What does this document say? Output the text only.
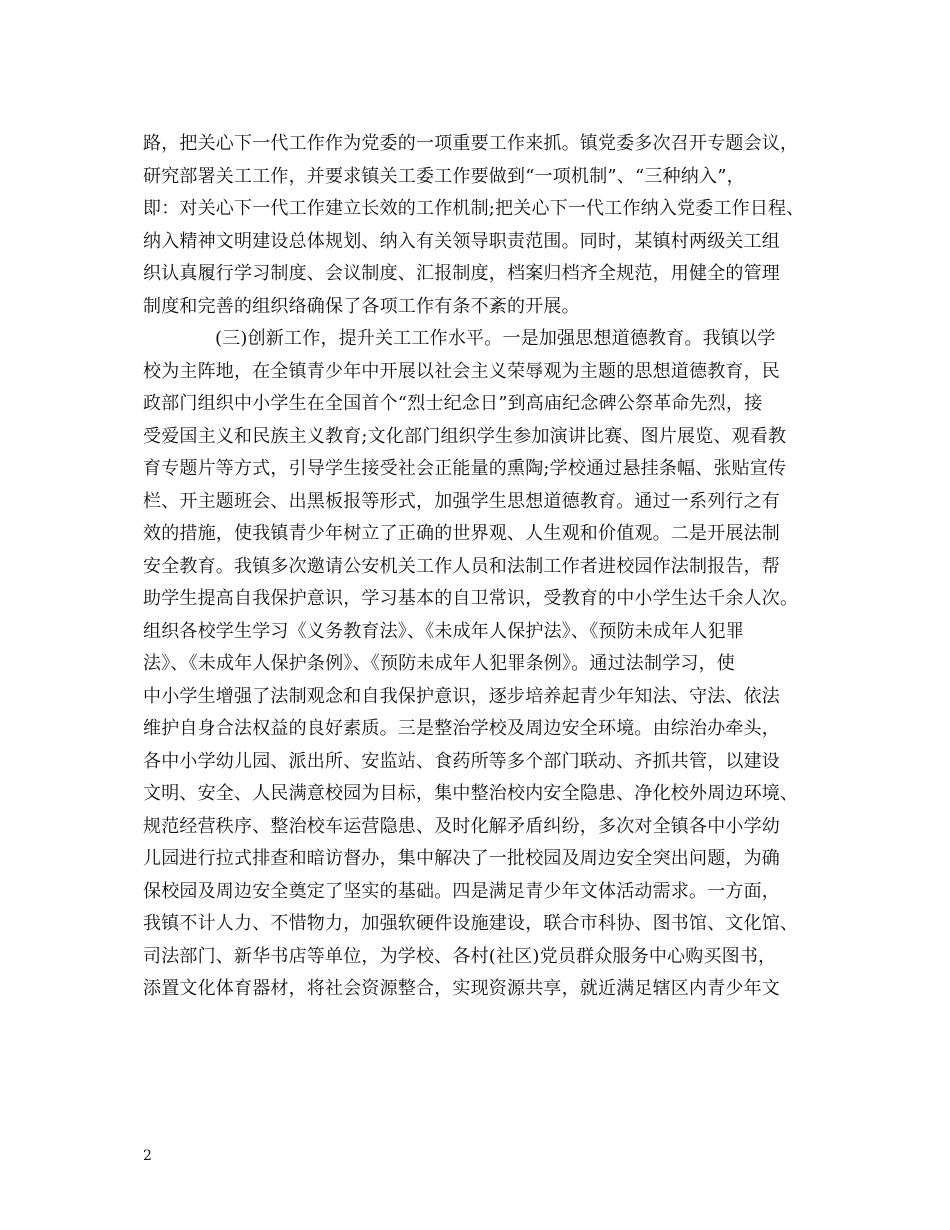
路，把关心下一代工作作为党委的一项重要工作来抓。镇党委多次召开专题会议，
研究部署关工工作，并要求镇关工委工作要做到“一项机制”、“三种纳入”，
即：对关心下一代工作建立长效的工作机制;把关心下一代工作纳入党委工作日程、
纳入精神文明建设总体规划、纳入有关领导职责范围。同时，某镇村两级关工组
织认真履行学习制度、会议制度、汇报制度，档案归档齐全规范，用健全的管理
制度和完善的组织络确保了各项工作有条不紊的开展。
(三)创新工作，提升关工工作水平。一是加强思想道德教育。我镇以学
校为主阵地，在全镇青少年中开展以社会主义荣辱观为主题的思想道德教育，民
政部门组织中小学生在全国首个“烈士纪念日”到高庙纪念碑公祭革命先烈，接
受爱国主义和民族主义教育;文化部门组织学生参加演讲比赛、图片展览、观看教
育专题片等方式，引导学生接受社会正能量的熏陶;学校通过悬挂条幅、张贴宣传
栏、开主题班会、出黑板报等形式，加强学生思想道德教育。通过一系列行之有
效的措施，使我镇青少年树立了正确的世界观、人生观和价值观。二是开展法制
安全教育。我镇多次邀请公安机关工作人员和法制工作者进校园作法制报告，帮
助学生提高自我保护意识，学习基本的自卫常识，受教育的中小学生达千余人次。
组织各校学生学习《义务教育法》、《未成年人保护法》、《预防未成年人犯罪
法》、《未成年人保护条例》、《预防未成年人犯罪条例》。通过法制学习，使
中小学生增强了法制观念和自我保护意识，逐步培养起青少年知法、守法、依法
维护自身合法权益的良好素质。三是整治学校及周边安全环境。由综治办牵头，
各中小学幼儿园、派出所、安监站、食药所等多个部门联动、齐抓共管，以建设
文明、安全、人民满意校园为目标，集中整治校内安全隐患、净化校外周边环境、
规范经营秩序、整治校车运营隐患、及时化解矛盾纠纷，多次对全镇各中小学幼
儿园进行拉式排查和暗访督办，集中解决了一批校园及周边安全突出问题，为确
保校园及周边安全奠定了坚实的基础。四是满足青少年文体活动需求。一方面，
我镇不计人力、不惜物力，加强软硬件设施建设，联合市科协、图书馆、文化馆、
司法部门、新华书店等单位，为学校、各村(社区)党员群众服务中心购买图书，
添置文化体育器材，将社会资源整合，实现资源共享，就近满足辖区内青少年文
2
